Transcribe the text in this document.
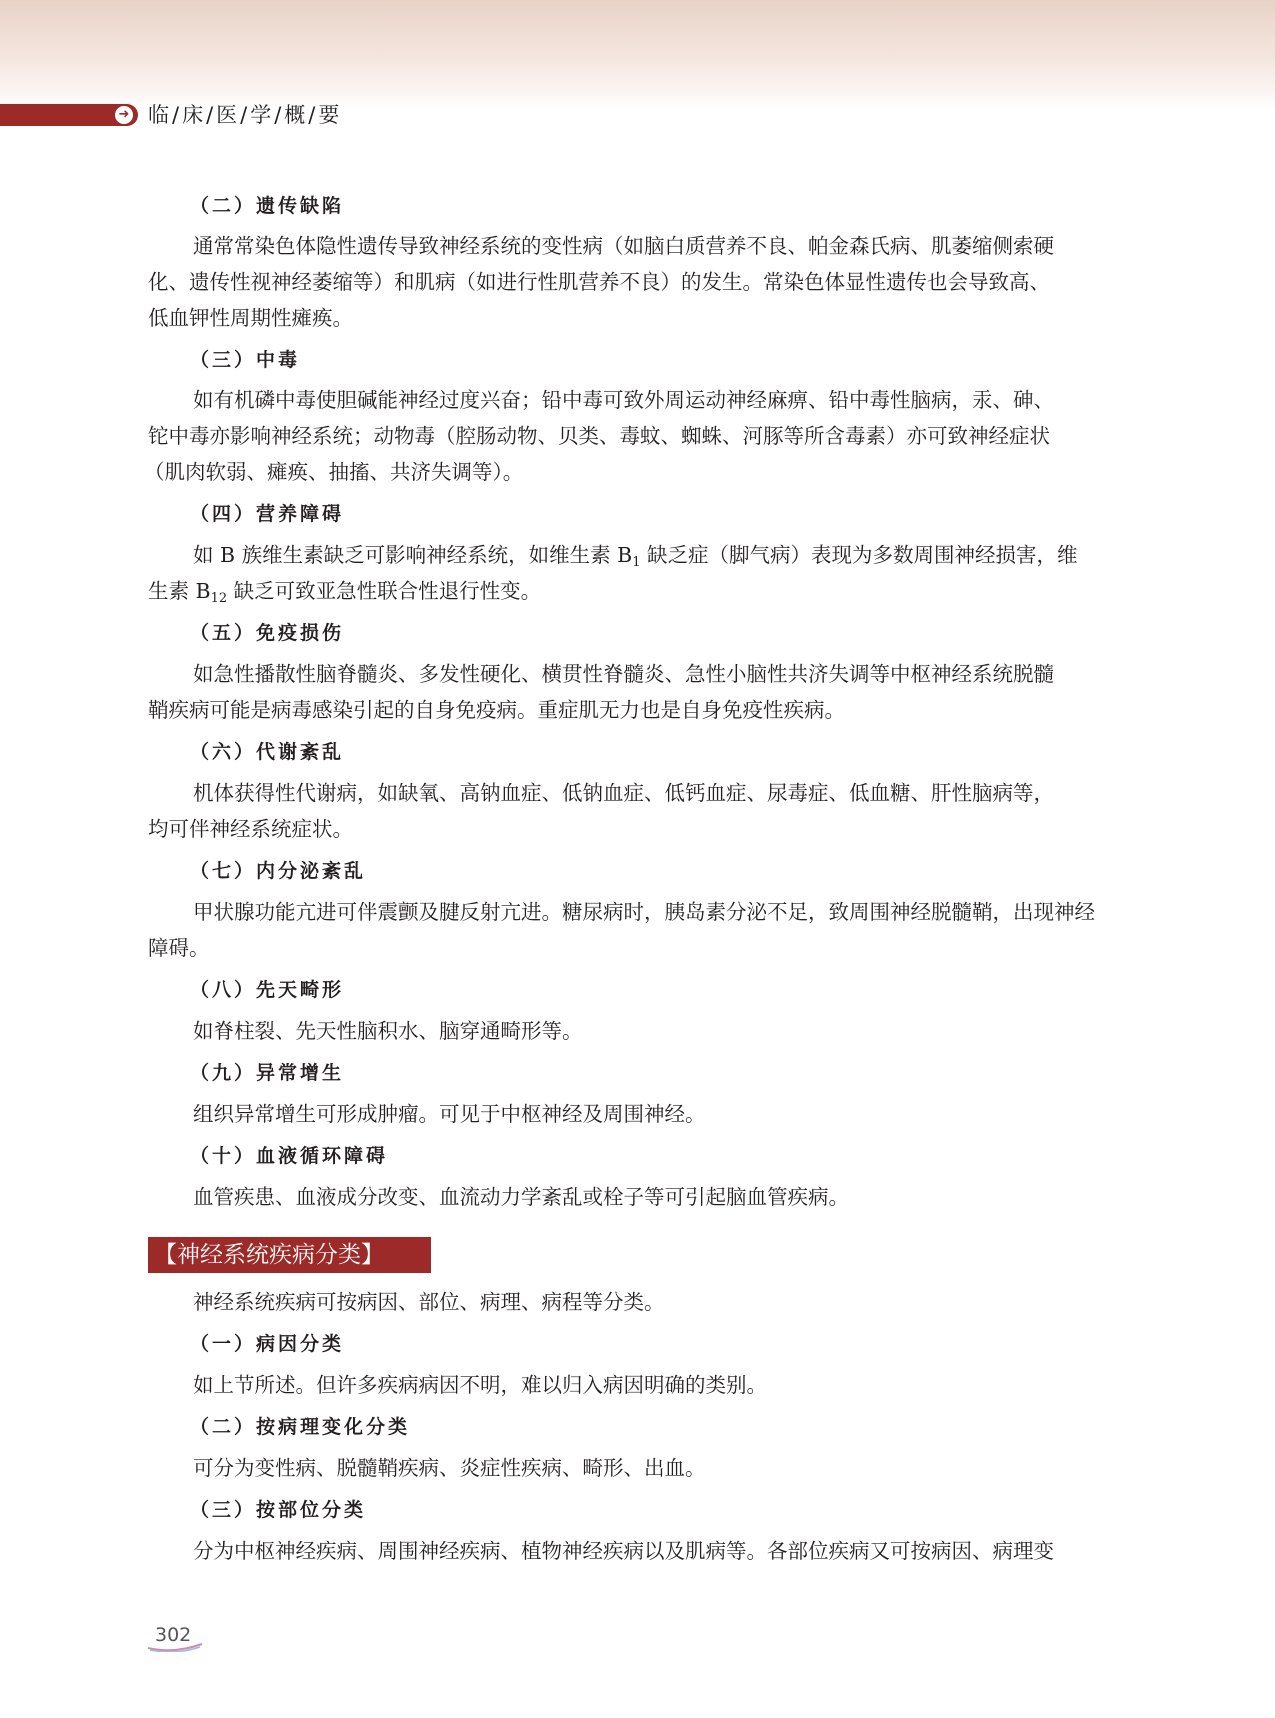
➜ 临/床/医/学/概/要
（二）遗传缺陷
通常常染色体隐性遗传导致神经系统的变性病（如脑白质营养不良、帕金森氏病、肌萎缩侧索硬
化、遗传性视神经萎缩等）和肌病（如进行性肌营养不良）的发生。常染色体显性遗传也会导致高、
低血钾性周期性瘫痪。
（三）中毒
如有机磷中毒使胆碱能神经过度兴奋；铅中毒可致外周运动神经麻痹、铅中毒性脑病，汞、砷、
铊中毒亦影响神经系统；动物毒（腔肠动物、贝类、毒蚊、蜘蛛、河豚等所含毒素）亦可致神经症状
（肌肉软弱、瘫痪、抽搐、共济失调等）。
（四）营养障碍
如 B 族维生素缺乏可影响神经系统，如维生素 $B_1$ 缺乏症（脚气病）表现为多数周围神经损害，维
生素 $B_{12}$ 缺乏可致亚急性联合性退行性变。
（五）免疫损伤
如急性播散性脑脊髓炎、多发性硬化、横贯性脊髓炎、急性小脑性共济失调等中枢神经系统脱髓
鞘疾病可能是病毒感染引起的自身免疫病。重症肌无力也是自身免疫性疾病。
（六）代谢紊乱
机体获得性代谢病，如缺氧、高钠血症、低钠血症、低钙血症、尿毒症、低血糖、肝性脑病等，
均可伴神经系统症状。
（七）内分泌紊乱
甲状腺功能亢进可伴震颤及腱反射亢进。糖尿病时，胰岛素分泌不足，致周围神经脱髓鞘，出现神经
障碍。
（八）先天畸形
如脊柱裂、先天性脑积水、脑穿通畸形等。
（九）异常增生
组织异常增生可形成肿瘤。可见于中枢神经及周围神经。
（十）血液循环障碍
血管疾患、血液成分改变、血流动力学紊乱或栓子等可引起脑血管疾病。
【神经系统疾病分类】
神经系统疾病可按病因、部位、病理、病程等分类。
（一）病因分类
如上节所述。但许多疾病病因不明，难以归入病因明确的类别。
（二）按病理变化分类
可分为变性病、脱髓鞘疾病、炎症性疾病、畸形、出血。
（三）按部位分类
分为中枢神经疾病、周围神经疾病、植物神经疾病以及肌病等。各部位疾病又可按病因、病理变
302
